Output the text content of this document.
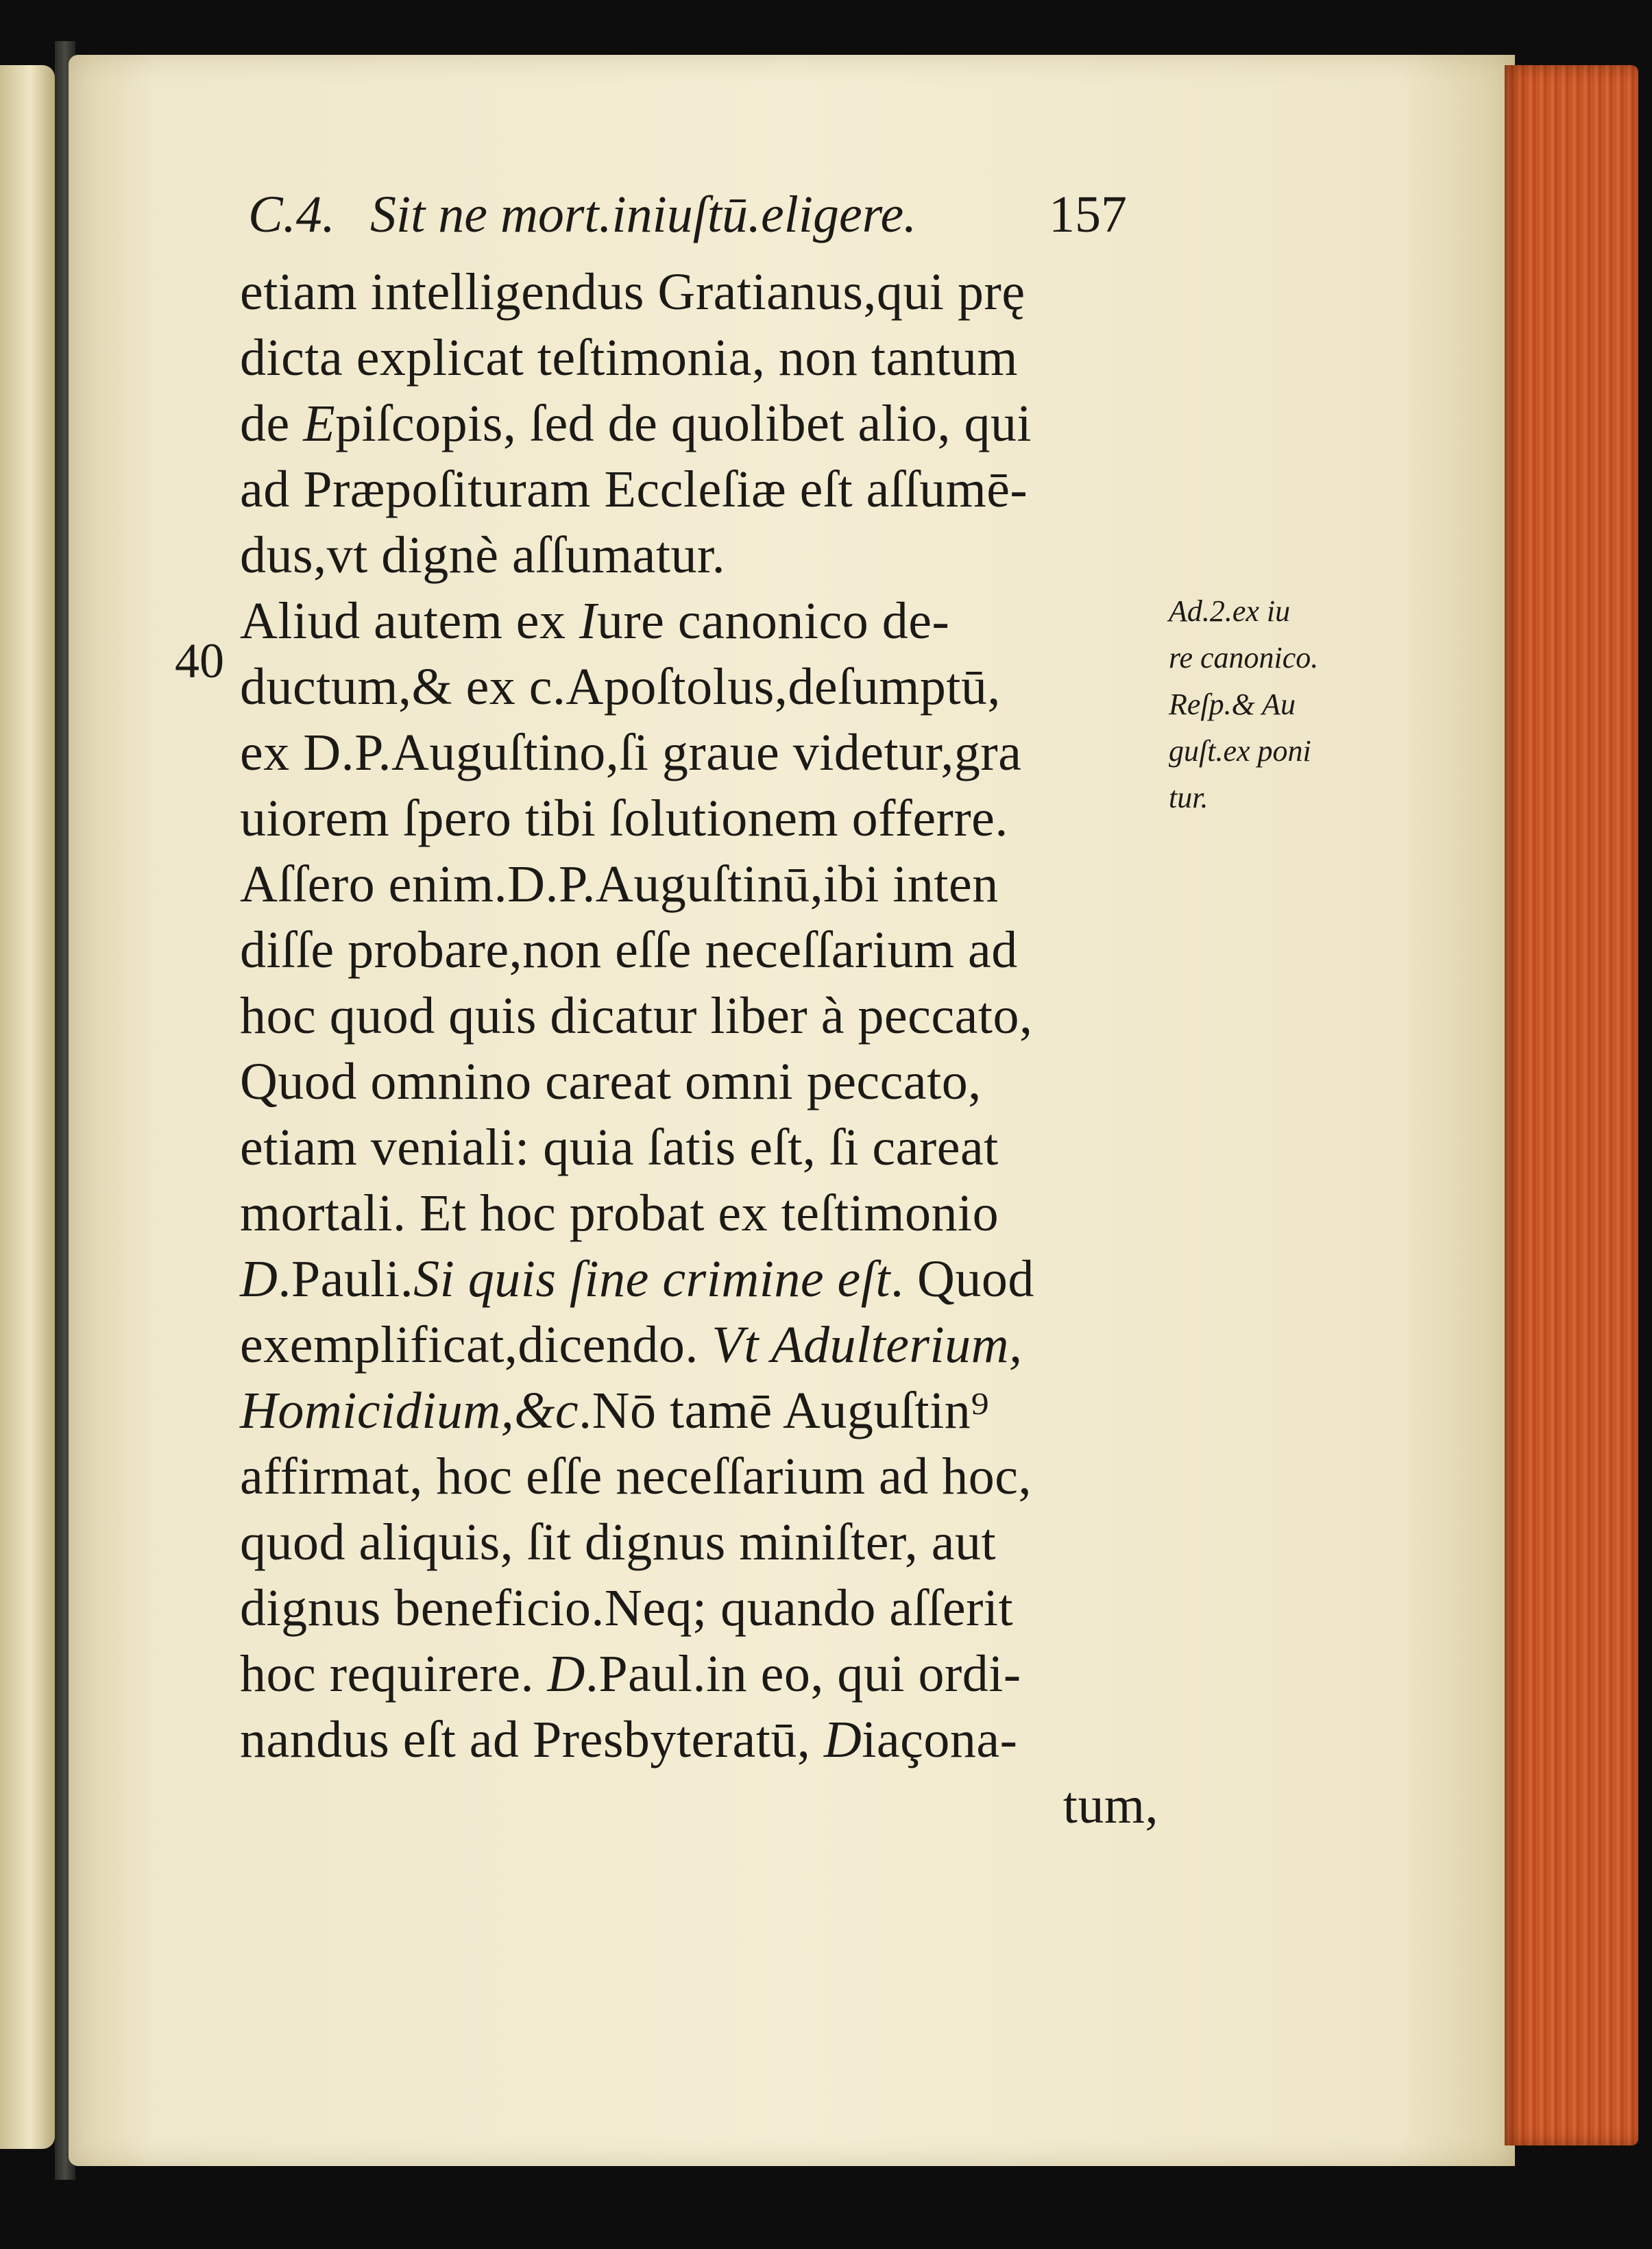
C.4. Sit ne mort.iniuſtū.eligere.	157
etiam intelligendus Gratianus,qui prę
dicta explicat teſtimonia, non tantum
de Epiſcopis, ſed de quolibet alio, qui
ad Præpoſituram Eccleſiæ eſt aſſumē-
dus,vt dignè aſſumatur.
Aliud autem ex Iure canonico de-
ductum,& ex c.Apoſtolus,deſumptū,
ex D.P.Auguſtino,ſi graue videtur,gra
uiorem ſpero tibi ſolutionem offerre.
Aſſero enim.D.P.Auguſtinū,ibi inten
diſſe probare,non eſſe neceſſarium ad
hoc quod quis dicatur liber à peccato,
Quod omnino careat omni peccato,
etiam veniali: quia ſatis eſt, ſi careat
mortali. Et hoc probat ex teſtimonio
D.Pauli.Si quis ſine crimine eſt. Quod
exemplificat,dicendo. Vt Adulterium,
Homicidium,&c.Nō tamē Auguſtin⁹
affirmat, hoc eſſe neceſſarium ad hoc,
quod aliquis, ſit dignus miniſter, aut
dignus beneficio.Neq; quando aſſerit
hoc requirere. D.Paul.in eo, qui ordi-
nandus eſt ad Presbyteratū, Diaçona-
tum,
40
Ad.2.ex iu
re canonico.
Reſp.& Au
guſt.ex poni
tur.
